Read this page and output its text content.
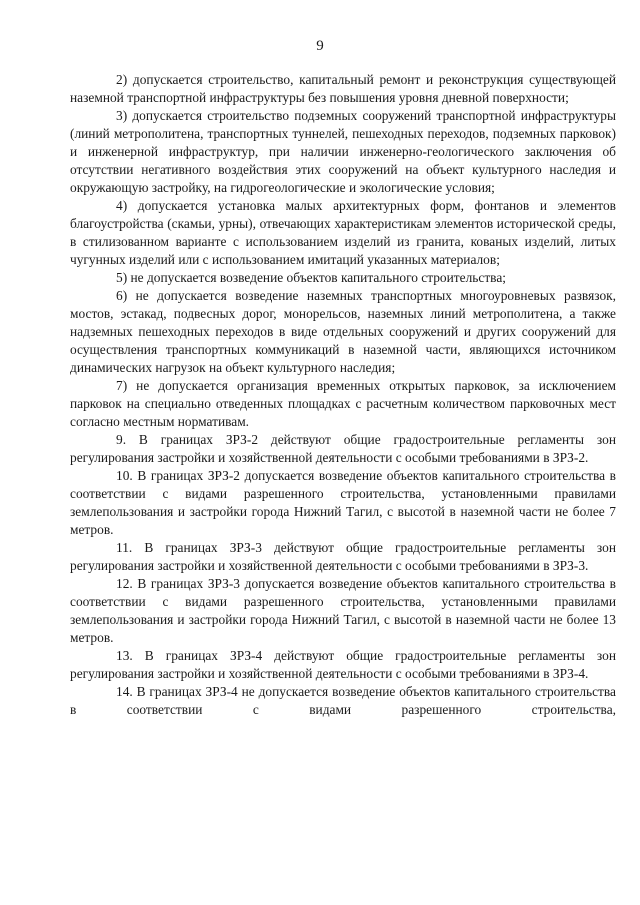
9

2) допускается строительство, капитальный ремонт и реконструкция существующей наземной транспортной инфраструктуры без повышения уровня дневной поверхности;

3) допускается строительство подземных сооружений транспортной инфраструктуры (линий метрополитена, транспортных туннелей, пешеходных переходов, подземных парковок) и инженерной инфраструктур, при наличии инженерно-геологического заключения об отсутствии негативного воздействия этих сооружений на объект культурного наследия и окружающую застройку, на гидрогеологические и экологические условия;

4) допускается установка малых архитектурных форм, фонтанов и элементов благоустройства (скамьи, урны), отвечающих характеристикам элементов исторической среды, в стилизованном варианте с использованием изделий из гранита, кованых изделий, литых чугунных изделий или с использованием имитаций указанных материалов;

5) не допускается возведение объектов капитального строительства;

6) не допускается возведение наземных транспортных многоуровневых развязок, мостов, эстакад, подвесных дорог, монорельсов, наземных линий метрополитена, а также надземных пешеходных переходов в виде отдельных сооружений и других сооружений для осуществления транспортных коммуникаций в наземной части, являющихся источником динамических нагрузок на объект культурного наследия;

7) не допускается организация временных открытых парковок, за исключением парковок на специально отведенных площадках с расчетным количеством парковочных мест согласно местным нормативам.

9. В границах ЗРЗ-2 действуют общие градостроительные регламенты зон регулирования застройки и хозяйственной деятельности с особыми требованиями в ЗРЗ-2.

10. В границах ЗРЗ-2 допускается возведение объектов капитального строительства в соответствии с видами разрешенного строительства, установленными правилами землепользования и застройки города Нижний Тагил, с высотой в наземной части не более 7 метров.

11. В границах ЗРЗ-3 действуют общие градостроительные регламенты зон регулирования застройки и хозяйственной деятельности с особыми требованиями в ЗРЗ-3.

12. В границах ЗРЗ-3 допускается возведение объектов капитального строительства в соответствии с видами разрешенного строительства, установленными правилами землепользования и застройки города Нижний Тагил, с высотой в наземной части не более 13 метров.

13. В границах ЗРЗ-4 действуют общие градостроительные регламенты зон регулирования застройки и хозяйственной деятельности с особыми требованиями в ЗРЗ-4.

14. В границах ЗРЗ-4 не допускается возведение объектов капитального строительства в соответствии с видами разрешенного строительства,
